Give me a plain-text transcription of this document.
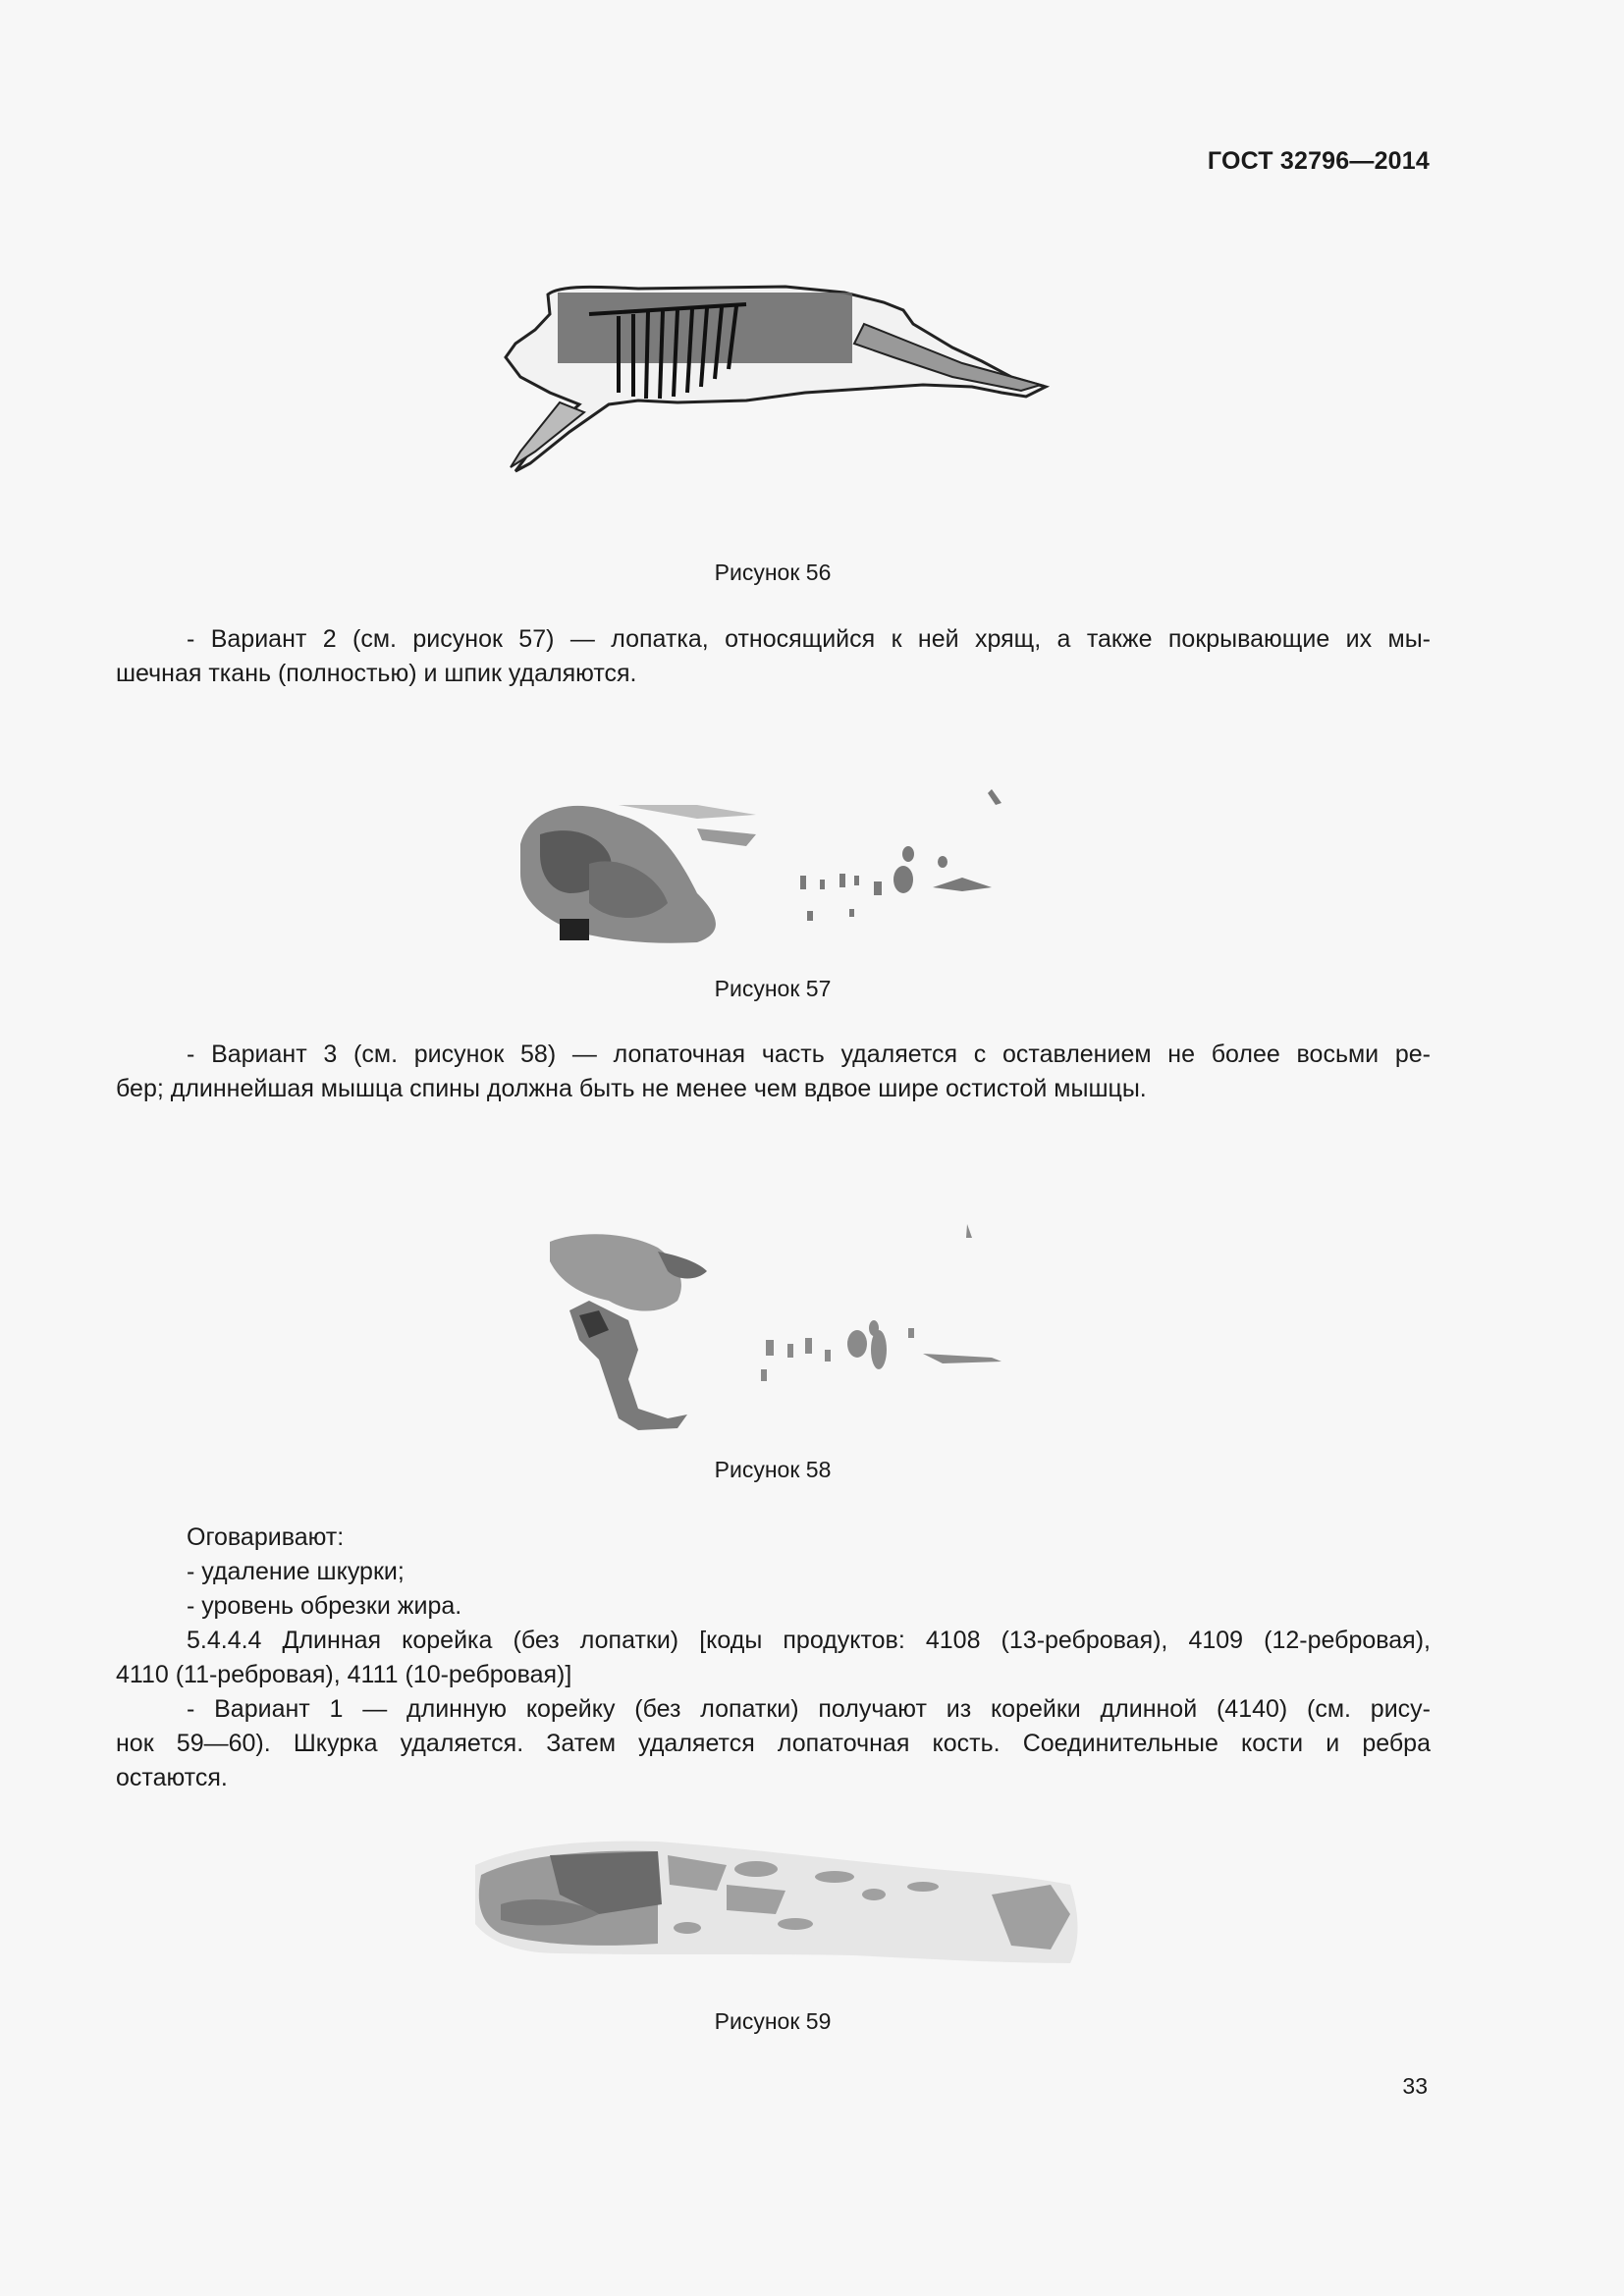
ГОСТ 32796—2014
Рисунок 56
- Вариант 2 (см. рисунок 57) — лопатка, относящийся к ней хрящ, а также покрывающие их мы-
шечная ткань (полностью) и шпик удаляются.
Рисунок 57
- Вариант 3 (см. рисунок 58) — лопаточная часть удаляется с оставлением не более восьми ре-
бер; длиннейшая мышца спины должна быть не менее чем вдвое шире остистой мышцы.
Рисунок 58
Оговаривают:
- удаление шкурки;
- уровень обрезки жира.
5.4.4.4 Длинная корейка (без лопатки) [коды продуктов: 4108 (13-ребровая), 4109 (12-ребровая),
4110 (11-ребровая), 4111 (10-ребровая)]
- Вариант 1 — длинную корейку (без лопатки) получают из корейки длинной (4140) (см. рису-
нок 59—60). Шкурка удаляется. Затем удаляется лопаточная кость. Соединительные кости и ребра
остаются.
Рисунок 59
33
